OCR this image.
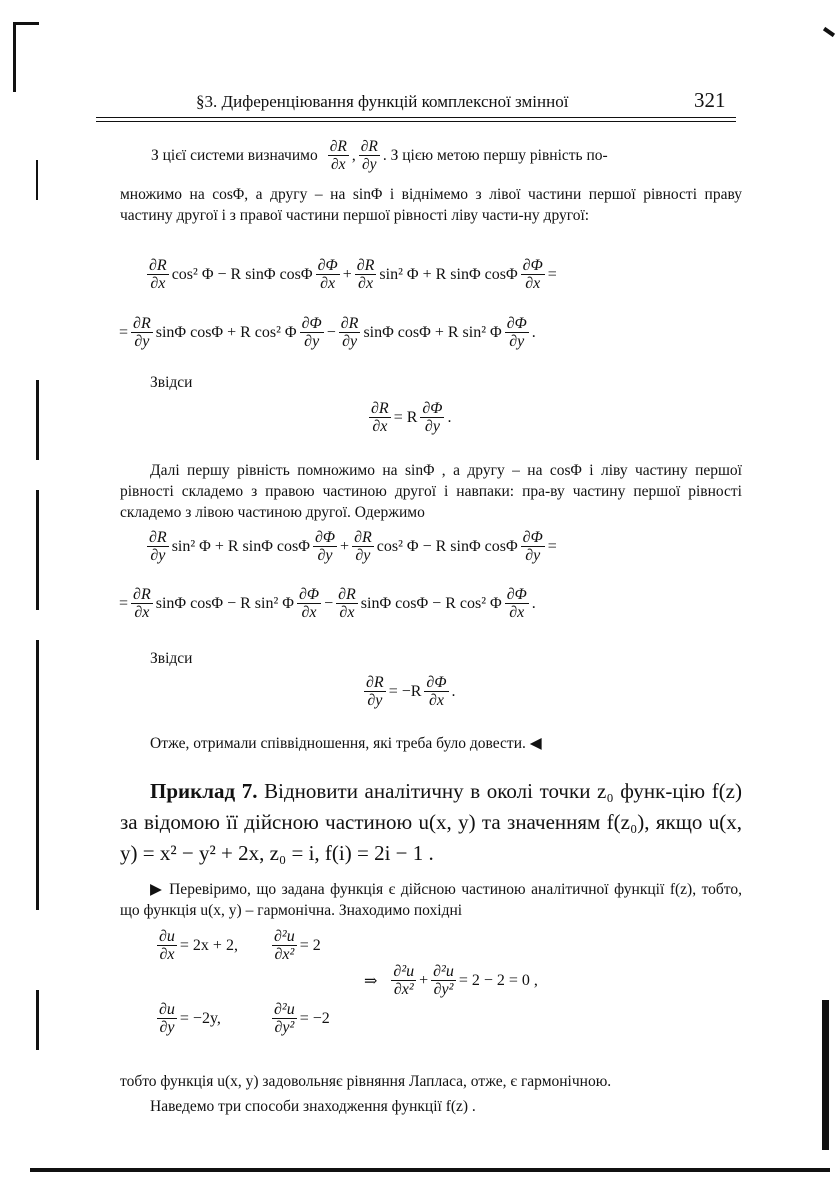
§3. Диференціювання функцій комплексної змінної	321
З цієї системи визначимо $\frac{\partial R}{\partial x}$ , $\frac{\partial R}{\partial y}$ . З цією метою першу рівність по-
множимо на cosΦ, а другу – на sinΦ і віднімемо з лівої частини першої рівності праву частину другої і з правої частини першої рівності ліву части-ну другої:
$\frac{\partial R}{\partial x} \cos^2$ Φ − R sinΦ cosΦ $\frac{\partial\Phi}{\partial x} + \frac{\partial R}{\partial x} \sin^2$ Φ + R sinΦ cosΦ $\frac{\partial\Phi}{\partial x}$ =
= $\frac{\partial R}{\partial y}$ sinΦ cosΦ + R cos² Φ $\frac{\partial\Phi}{\partial y} - \frac{\partial R}{\partial y}$ sinΦ cosΦ + R sin² Φ $\frac{\partial\Phi}{\partial y}$ .
Звідси
$\frac{\partial R}{\partial x} = R \frac{\partial\Phi}{\partial y}$ .
Далі першу рівність помножимо на sinΦ , а другу – на cosΦ і ліву частину першої рівності складемо з правою частиною другої і навпаки: пра-ву частину першої рівності складемо з лівою частиною другої. Одержимо
$\frac{\partial R}{\partial y} \sin^2$ Φ + R sinΦ cosΦ $\frac{\partial\Phi}{\partial y} + \frac{\partial R}{\partial y} \cos^2$ Φ − R sinΦ cosΦ $\frac{\partial\Phi}{\partial y}$ =
= $\frac{\partial R}{\partial x}$ sinΦ cosΦ − R sin² Φ $\frac{\partial\Phi}{\partial x} - \frac{\partial R}{\partial x}$ sinΦ cosΦ − R cos² Φ $\frac{\partial\Phi}{\partial x}$ .
Звідси
$\frac{\partial R}{\partial y} = -R \frac{\partial\Phi}{\partial x}$ .
Отже, отримали співвідношення, які треба було довести. ◀
Приклад 7. Відновити аналітичну в околі точки z₀ функ-цію f(z) за відомою її дійсною частиною u(x, y) та значенням f(z₀), якщо u(x, y) = x² − y² + 2x, z₀ = i, f(i) = 2i − 1 .
▶ Перевіримо, що задана функція є дійсною частиною аналітичної функції f(z), тобто, що функція u(x, y) – гармонічна. Знаходимо похідні
$\frac{\partial u}{\partial x} = 2x + 2$, $\frac{\text{∂²u}}{\text{∂x²}} = 2$
$\frac{\partial u}{\partial y} = -2y$,	$\frac{\text{∂²u}}{\text{∂y²}} = -2$
⇒ $\frac{\text{∂²u}}{\text{∂x²}} + \frac{\text{∂²u}}{\text{∂y²}} = 2 - 2 = 0$ ,
тобто функція u(x, y) задовольняє рівняння Лапласа, отже, є гармонічною.
Наведемо три способи знаходження функції f(z) .
